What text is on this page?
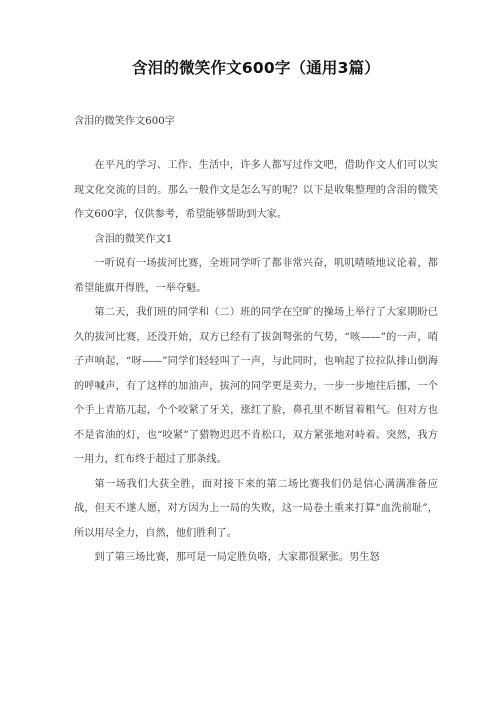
含泪的微笑作文600字（通用3篇）
含泪的微笑作文600字

在平凡的学习、工作、生活中，许多人都写过作文吧，借助作文人们可以实现文化交流的目的。那么一般作文是怎么写的呢？以下是收集整理的含泪的微笑作文600字，仅供参考，希望能够帮助到大家。

含泪的微笑作文1

一听说有一场拔河比赛，全班同学听了都非常兴奋，叽叽喳喳地议论着，都希望能旗开得胜，一举夺魁。

第二天，我们班的同学和（二）班的同学在空旷的操场上举行了大家期盼已久的拔河比赛，还没开始，双方已经有了拔剑弩张的气势，“咳——”的一声，哨子声响起，“呀——”同学们轻轻叫了一声，与此同时，也响起了拉拉队排山倒海的呼喊声，有了这样的加油声，拔河的同学更是卖力，一步一步地往后挪，一个个手上青筋兀起，个个咬紧了牙关，涨红了脸，鼻孔里不断冒着粗气。但对方也不是省油的灯，也“咬紧”了猎物迟迟不肯松口，双方紧张地对峙着。突然，我方一用力，红布终于超过了那条线。

第一场我们大获全胜，面对接下来的第二场比赛我们仍是信心满满准备应战，但天不遂人愿，对方因为上一局的失败，这一局卷土重来打算“血洗前耻”，所以用尽全力，自然，他们胜利了。

到了第三场比赛，那可是一局定胜负咯，大家都很紧张。男生怒
